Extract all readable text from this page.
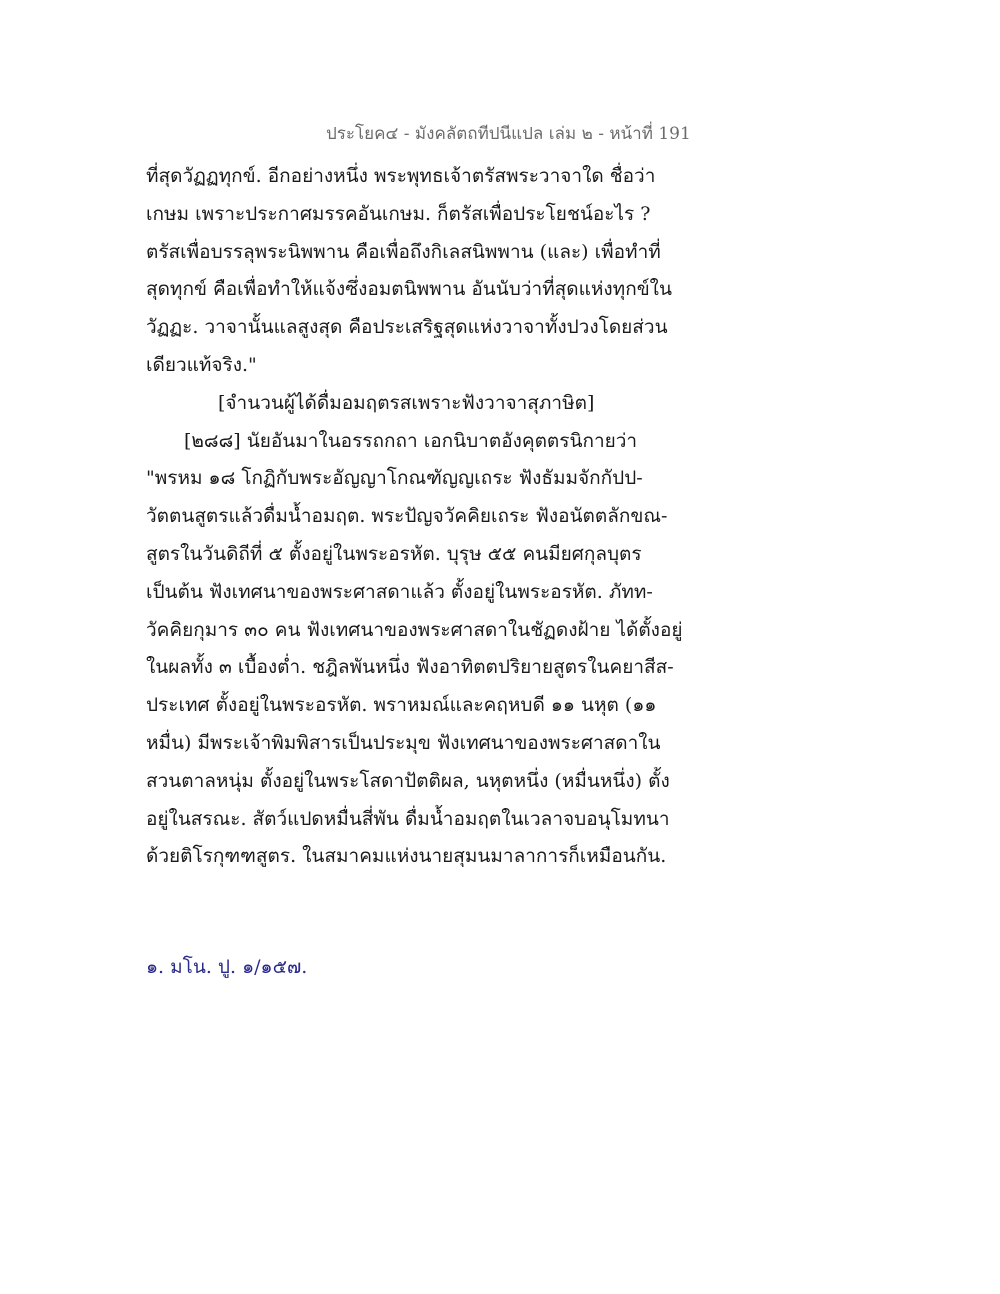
ประโยค๔ - มังคลัตถทีปนีแปล เล่ม ๒ - หน้าที่ 191
ที่สุดวัฏฏทุกข์. อีกอย่างหนึ่ง พระพุทธเจ้าตรัสพระวาจาใด ชื่อว่า
เกษม เพราะประกาศมรรคอันเกษม. ก็ตรัสเพื่อประโยชน์อะไร ?
ตรัสเพื่อบรรลุพระนิพพาน คือเพื่อถึงกิเลสนิพพาน (และ) เพื่อทำที่
สุดทุกข์ คือเพื่อทำให้แจ้งซึ่งอมตนิพพาน อันนับว่าที่สุดแห่งทุกข์ใน
วัฏฏะ. วาจานั้นแลสูงสุด คือประเสริฐสุดแห่งวาจาทั้งปวงโดยส่วน
เดียวแท้จริง."
[จำนวนผู้ได้ดื่มอมฤตรสเพราะฟังวาจาสุภาษิต]
[๒๘๘] นัยอันมาในอรรถกถา เอกนิบาตอังคุตตรนิกายว่า
"พรหม ๑๘ โกฏิกับพระอัญญาโกณฑัญญเถระ ฟังธัมมจักกัปป-
วัตตนสูตรแล้วดื่มน้ำอมฤต. พระปัญจวัคคิยเถระ ฟังอนัตตลักขณ-
สูตรในวันดิถีที่ ๕ ตั้งอยู่ในพระอรหัต. บุรุษ ๕๕ คนมียศกุลบุตร
เป็นต้น ฟังเทศนาของพระศาสดาแล้ว ตั้งอยู่ในพระอรหัต. ภัทท-
วัคคิยกุมาร ๓๐ คน ฟังเทศนาของพระศาสดาในชัฏดงฝ้าย ได้ตั้งอยู่
ในผลทั้ง ๓ เบื้องต่ำ. ชฎิลพันหนึ่ง ฟังอาทิตตปริยายสูตรในคยาสีส-
ประเทศ ตั้งอยู่ในพระอรหัต. พราหมณ์และคฤหบดี ๑๑ นหุต (๑๑
หมื่น) มีพระเจ้าพิมพิสารเป็นประมุข ฟังเทศนาของพระศาสดาใน
สวนตาลหนุ่ม ตั้งอยู่ในพระโสดาปัตติผล, นหุตหนึ่ง (หมื่นหนึ่ง) ตั้ง
อยู่ในสรณะ. สัตว์แปดหมื่นสี่พัน ดื่มน้ำอมฤตในเวลาจบอนุโมทนา
ด้วยติโรกุฑฑสูตร. ในสมาคมแห่งนายสุมนมาลาการก็เหมือนกัน.
๑. มโน. ปู. ๑/๑๕๗.
